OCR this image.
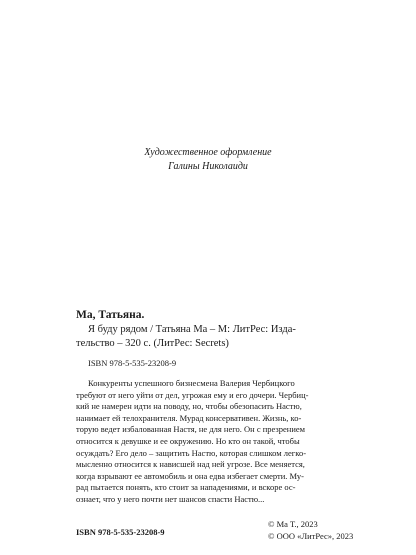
Художественное оформление
Галины Николаиди

Ма, Татьяна.

Я буду рядом / Татьяна Ма – М: ЛитРес: Изда-
тельство – 320 с. (ЛитРес: Secrets)

ISBN 978-5-535-23208-9
Конкуренты успешного бизнесмена Валерия Чербицкого
требуют от него уйти от дел, угрожая ему и его дочери. Чербиц-
кий не намерен идти на поводу, но, чтобы обезопасить Настю,
нанимает ей телохранителя. Мурад консервативен. Жизнь, ко-
торую ведет избалованная Настя, не для него. Он с презрением
относится к девушке и ее окружению. Но кто он такой, чтобы
осуждать? Его дело – защитить Настю, которая слишком легко-
мысленно относится к нависшей над ней угрозе. Все меняется,
когда взрывают ее автомобиль и она едва избегает смерти. Му-
рад пытается понять, кто стоит за нападениями, и вскоре ос-
ознает, что у него почти нет шансов спасти Настю...
ISBN 978-5-535-23208-9
© Ма Т., 2023
© ООО «ЛитРес», 2023
